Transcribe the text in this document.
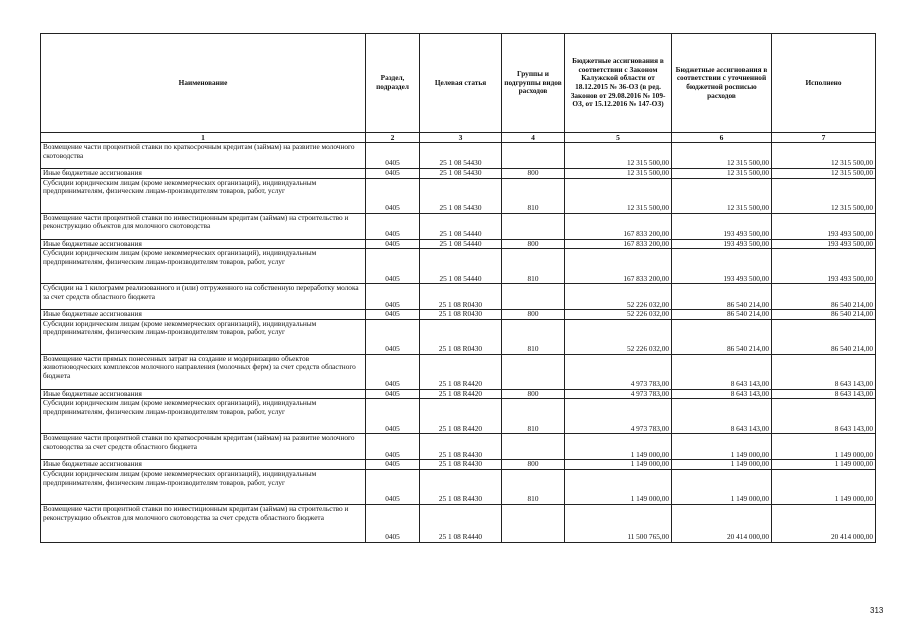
Наименование	Раздел, подраздел	Целевая статья	Группы и подгруппы видов расходов	Бюджетные ассигнования в соответствии с Законом Калужской области от 18.12.2015 № 36-ОЗ (в ред. Законов от 29.08.2016 № 109-ОЗ, от 15.12.2016 № 147-ОЗ)	Бюджетные ассигнования в соответствии с уточненной бюджетной росписью расходов	Исполнено
1	2	3	4	5	6	7
Возмещение части процентной ставки по краткосрочным кредитам (займам) на развитие молочного скотоводства	0405	25 1 08 54430		12 315 500,00	12 315 500,00	12 315 500,00
Иные бюджетные ассигнования	0405	25 1 08 54430	800	12 315 500,00	12 315 500,00	12 315 500,00
Субсидии юридическим лицам (кроме некоммерческих организаций), индивидуальным предпринимателям, физическим лицам-производителям товаров, работ, услуг	0405	25 1 08 54430	810	12 315 500,00	12 315 500,00	12 315 500,00
Возмещение части процентной ставки по инвестиционным кредитам (займам) на строительство и реконструкцию объектов для молочного скотоводства	0405	25 1 08 54440		167 833 200,00	193 493 500,00	193 493 500,00
Иные бюджетные ассигнования	0405	25 1 08 54440	800	167 833 200,00	193 493 500,00	193 493 500,00
Субсидии юридическим лицам (кроме некоммерческих организаций), индивидуальным предпринимателям, физическим лицам-производителям товаров, работ, услуг	0405	25 1 08 54440	810	167 833 200,00	193 493 500,00	193 493 500,00
Субсидии на 1 килограмм реализованного и (или) отгруженного на собственную переработку молока за счет средств областного бюджета	0405	25 1 08 R0430		52 226 032,00	86 540 214,00	86 540 214,00
Иные бюджетные ассигнования	0405	25 1 08 R0430	800	52 226 032,00	86 540 214,00	86 540 214,00
Субсидии юридическим лицам (кроме некоммерческих организаций), индивидуальным предпринимателям, физическим лицам-производителям товаров, работ, услуг	0405	25 1 08 R0430	810	52 226 032,00	86 540 214,00	86 540 214,00
Возмещение части прямых понесенных затрат на создание и модернизацию объектов животноводческих комплексов молочного направления (молочных ферм) за счет средств областного бюджета	0405	25 1 08 R4420		4 973 783,00	8 643 143,00	8 643 143,00
Иные бюджетные ассигнования	0405	25 1 08 R4420	800	4 973 783,00	8 643 143,00	8 643 143,00
Субсидии юридическим лицам (кроме некоммерческих организаций), индивидуальным предпринимателям, физическим лицам-производителям товаров, работ, услуг	0405	25 1 08 R4420	810	4 973 783,00	8 643 143,00	8 643 143,00
Возмещение части процентной ставки по краткосрочным кредитам (займам) на развитие молочного скотоводства за счет средств областного бюджета	0405	25 1 08 R4430		1 149 000,00	1 149 000,00	1 149 000,00
Иные бюджетные ассигнования	0405	25 1 08 R4430	800	1 149 000,00	1 149 000,00	1 149 000,00
Субсидии юридическим лицам (кроме некоммерческих организаций), индивидуальным предпринимателям, физическим лицам-производителям товаров, работ, услуг	0405	25 1 08 R4430	810	1 149 000,00	1 149 000,00	1 149 000,00
Возмещение части процентной ставки по инвестиционным кредитам (займам) на строительство и реконструкцию объектов для молочного скотоводства за счет средств областного бюджета	0405	25 1 08 R4440		11 500 765,00	20 414 000,00	20 414 000,00
313
